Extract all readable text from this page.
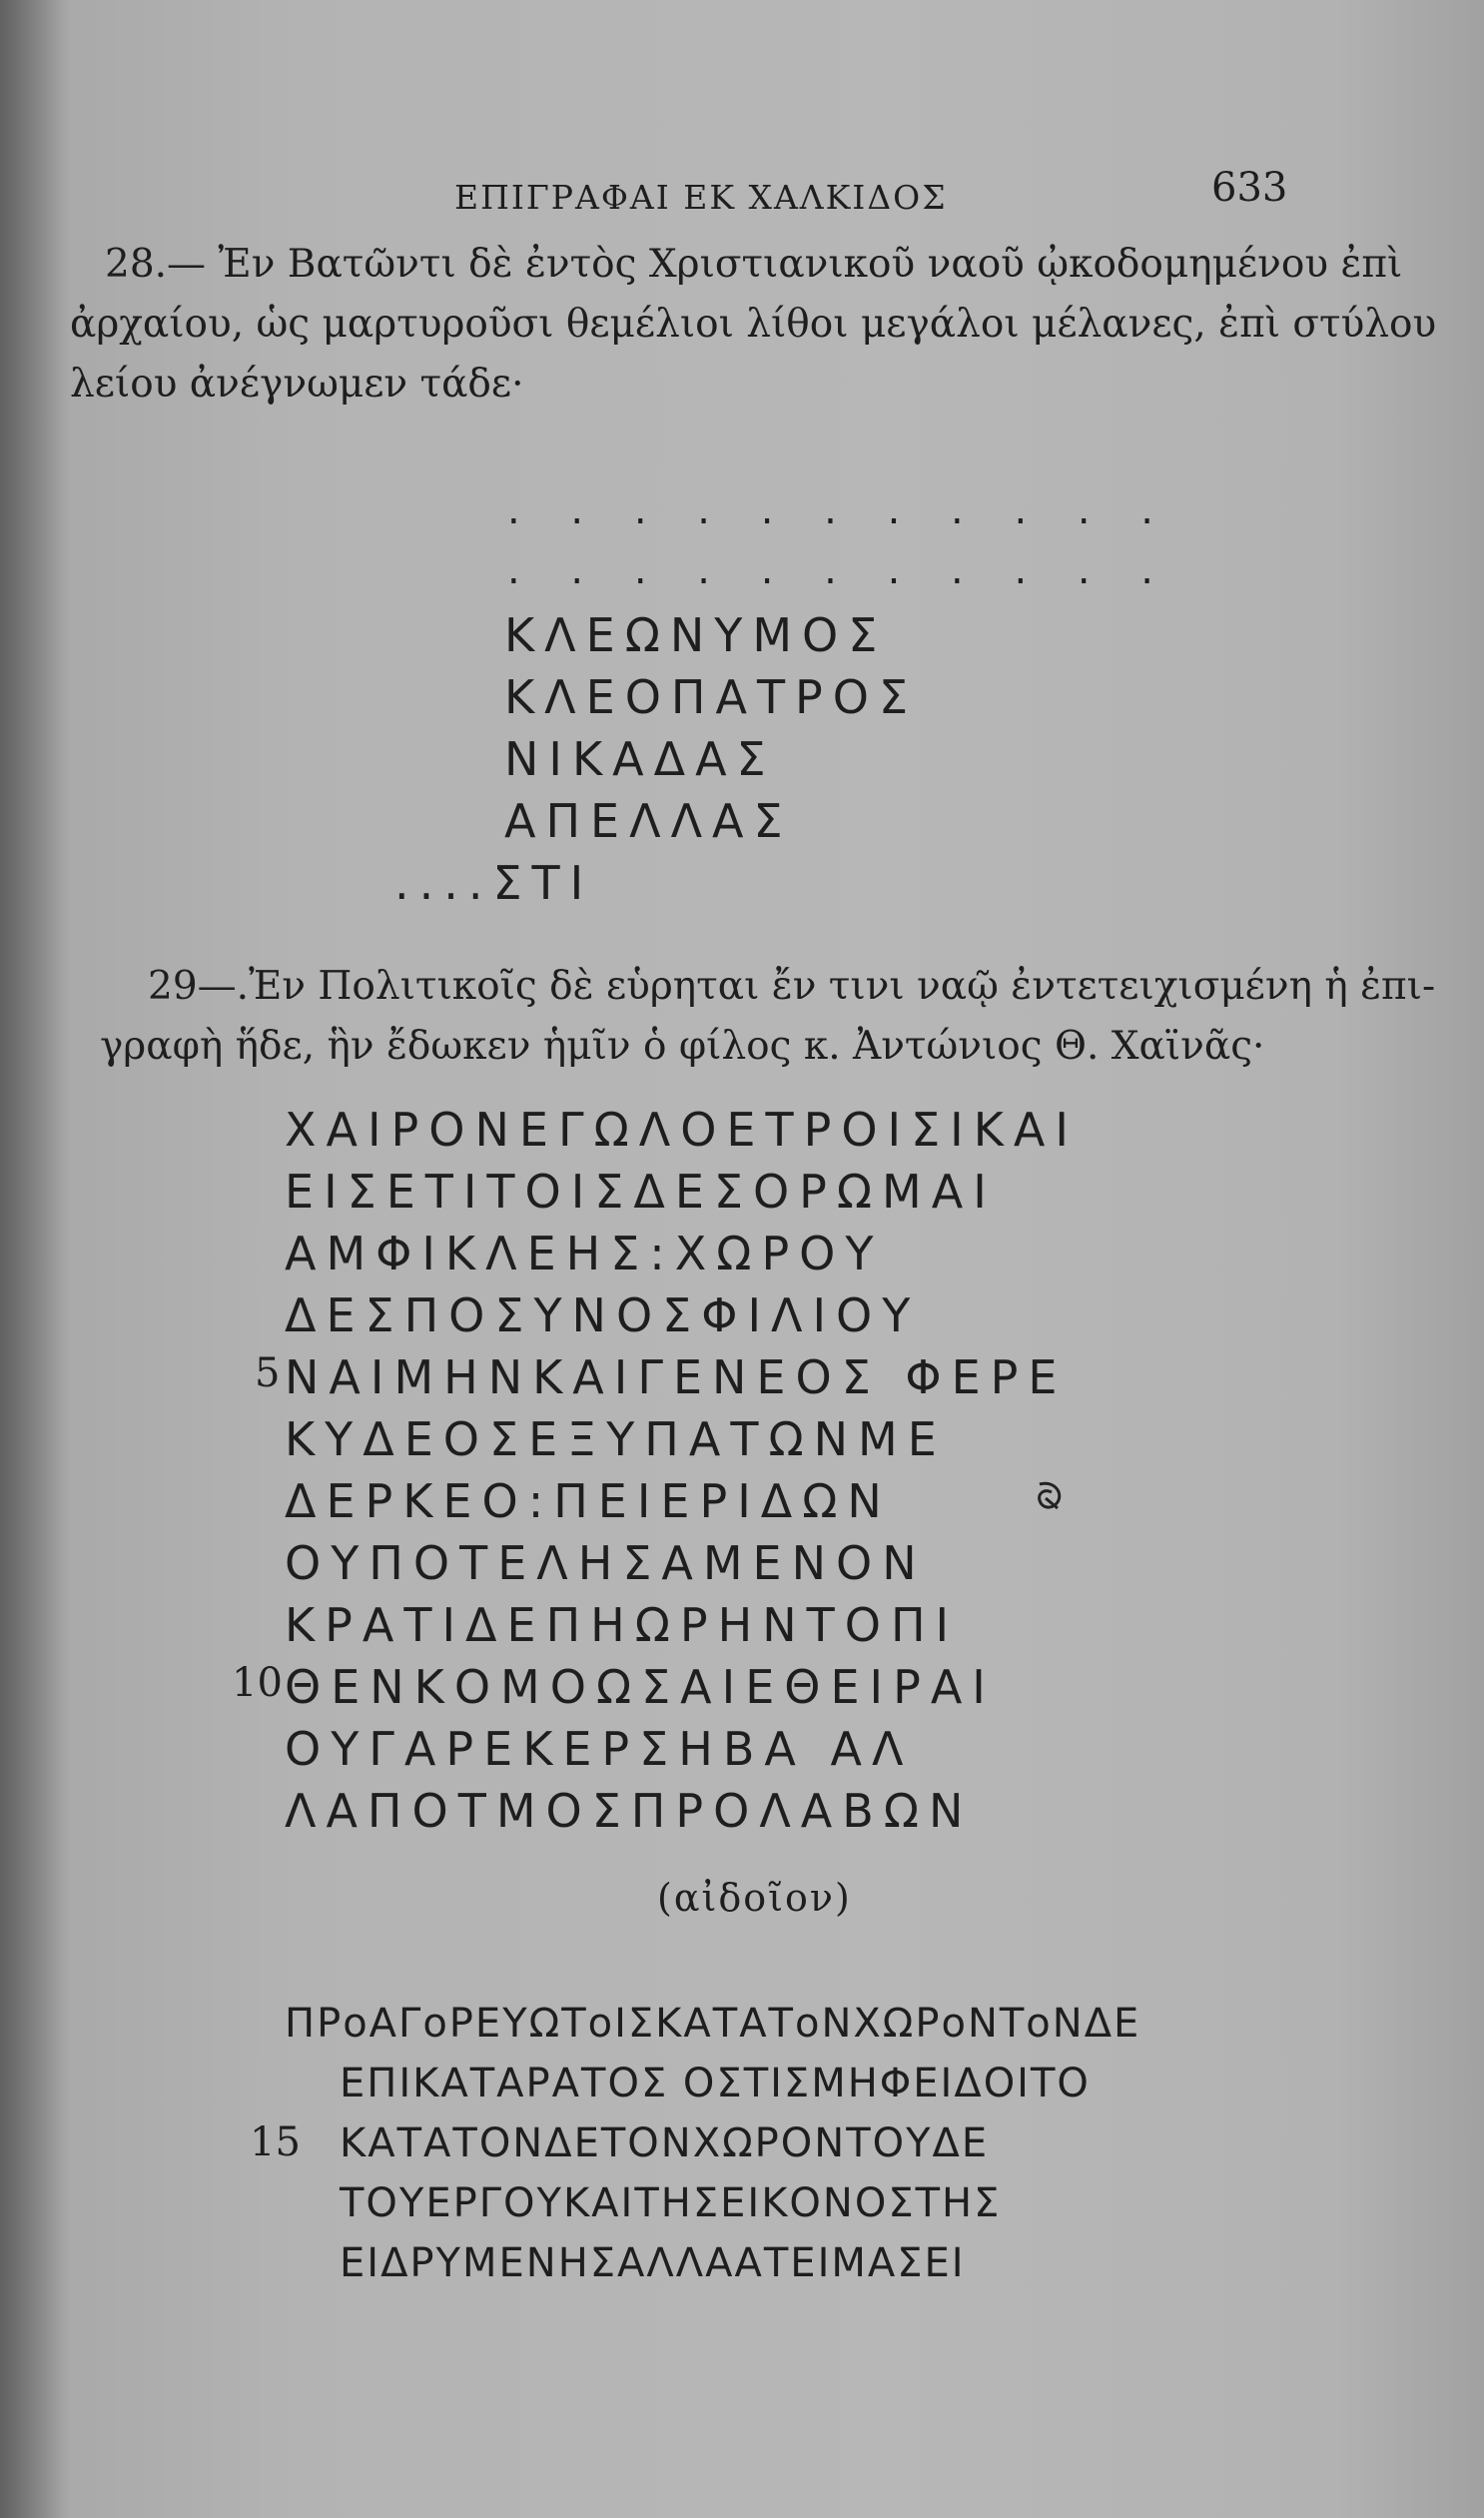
ΕΠΙΓΡΑΦΑΙ ΕΚ ΧΑΛΚΙΔΟΣ	633
28.— Ἐν Βατῶντι δὲ ἐντὸς Χριστιανικοῦ ναοῦ ᾠκοδομημένου ἐπὶ
ἀρχαίου, ὡς μαρτυροῦσι θεμέλιοι λίθοι μεγάλοι μέλανες, ἐπὶ στύλου
λείου ἀνέγνωμεν τάδε·
. . . . . . . . . . .
. . . . . . . . . . .
ΚΛΕΩΝΥΜΟΣ
ΚΛΕΟΠΑΤΡΟΣ
ΝΙΚΑΔΑΣ
ΑΠΕΛΛΑΣ
....ΣΤΙ
29—.Ἐν Πολιτικοῖς δὲ εὑρηται ἔν τινι ναῷ ἐντετειχισμένη ἡ ἐπι-
γραφὴ ἥδε, ἣν ἔδωκεν ἡμῖν ὁ φίλος κ. Ἀντώνιος Θ. Χαϊνᾶς·
ΧΑΙΡΟΝΕΓΩΛΟΕΤΡΟΙΣΙΚΑΙ
ΕΙΣΕΤΙΤΟΙΣΔΕΣΟΡΩΜΑΙ
ΑΜΦΙΚΛΕΗΣ:ΧΩΡΟΥ
ΔΕΣΠΟΣΥΝΟΣΦΙΛΙΟΥ
5 ΝΑΙΜΗΝΚΑΙΓΕΝΕΟΣ ΦΕΡΕ
ΚΥΔΕΟΣΕΞΥΠΑΤΩΝΜΕ
ΔΕΡΚΕΟ:ΠΕΙΕΡΙΔΩΝ
ΟΥΠΟΤΕΛΗΣΑΜΕΝΟΝ
ΚΡΑΤΙΔΕΠΗΩΡΗΝΤΟΠΙ
10 ΘΕΝΚΟΜΟΩΣΑΙΕΘΕΙΡΑΙ
ΟΥΓΑΡΕΚΕΡΣΗΒΑ ΑΛ
ΛΑΠΟΤΜΟΣΠΡΟΛΑΒΩΝ
(αἰδοῖον)
ΠΡοΑΓοΡΕΥΩΤοΙΣΚΑΤΑΤοΝΧΩΡοΝΤοΝΔΕ
ΕΠΙΚΑΤΑΡΑΤΟΣ ΟΣΤΙΣΜΗΦΕΙΔΟΙΤΟ
15 ΚΑΤΑΤΟΝΔΕΤΟΝΧΩΡΟΝΤΟΥΔΕ
ΤΟΥΕΡΓΟΥΚΑΙΤΗΣΕΙΚΟΝΟΣΤΗΣ
ΕΙΔΡΥΜΕΝΗΣΑΛΛΑΑΤΕΙΜΑΣΕΙ
